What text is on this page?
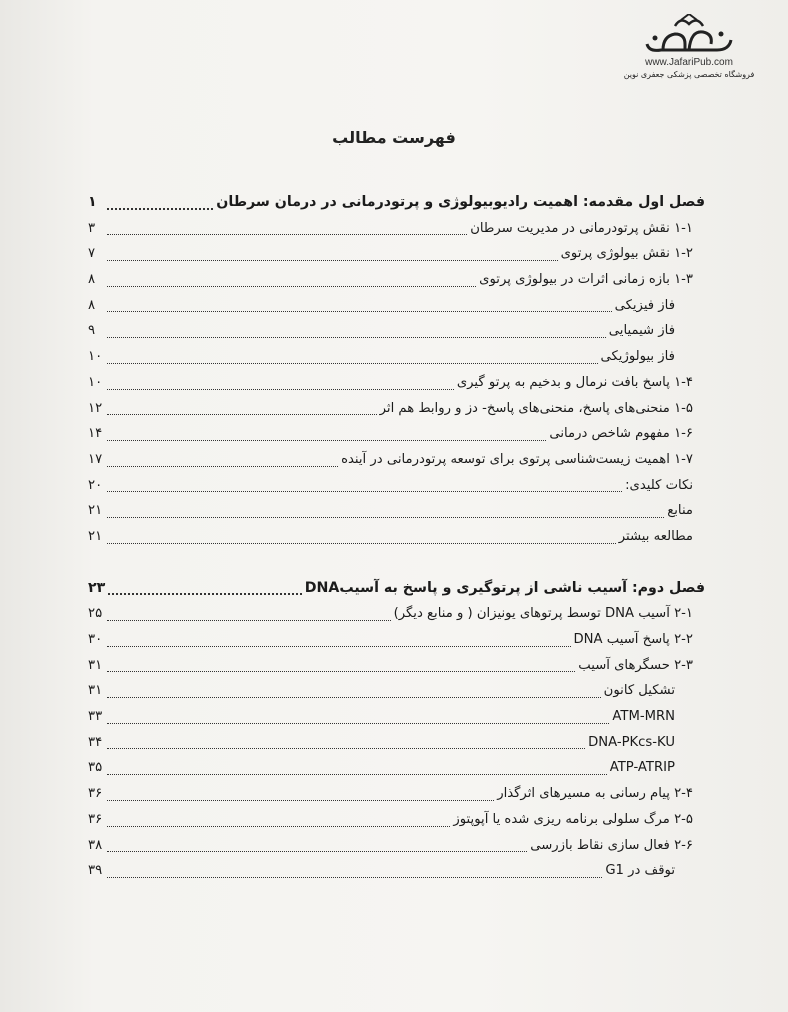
www.JafariPub.com
فروشگاه تخصصی پزشکی جعفری نوین
فهرست مطالب
فصل اول مقدمه: اهمیت رادیوبیولوژی و پرتودرمانی در درمان سرطان
۱
۱-۱ نقش پرتودرمانی در مدیریت سرطان
۳
۱-۲ نقش بیولوژی پرتوی
۷
۱-۳ بازه زمانی اثرات در بیولوژی پرتوی
۸
فاز فیزیکی
۸
فاز شیمیایی
۹
فاز بیولوژیکی
۱۰
۱-۴ پاسخ بافت نرمال و بدخیم به پرتو گیری
۱۰
۱-۵ منحنی‌های پاسخ، منحنی‌های پاسخ- دز و روابط هم اثر
۱۲
۱-۶ مفهوم شاخص درمانی
۱۴
۱-۷ اهمیت زیست‌شناسی پرتوی برای توسعه پرتودرمانی در آینده
۱۷
نکات کلیدی:
۲۰
منابع
۲۱
مطالعه بیشتر
۲۱
فصل دوم: آسیب ناشی از پرتوگیری و پاسخ به آسیبDNA
۲۳
۲-۱ آسیب DNA توسط پرتوهای یونیزان ( و منابع دیگر)
۲۵
۲-۲ پاسخ آسیب DNA
۳۰
۲-۳ حسگرهای آسیب
۳۱
تشکیل کانون
۳۱
ATM-MRN
۳۳
DNA-PKcs-KU
۳۴
ATP-ATRIP
۳۵
۲-۴ پیام رسانی به مسیرهای اثرگذار
۳۶
۲-۵ مرگ سلولی برنامه ریزی شده یا آپوپتوز
۳۶
۲-۶ فعال سازی نقاط بازرسی
۳۸
توقف در G1
۳۹
